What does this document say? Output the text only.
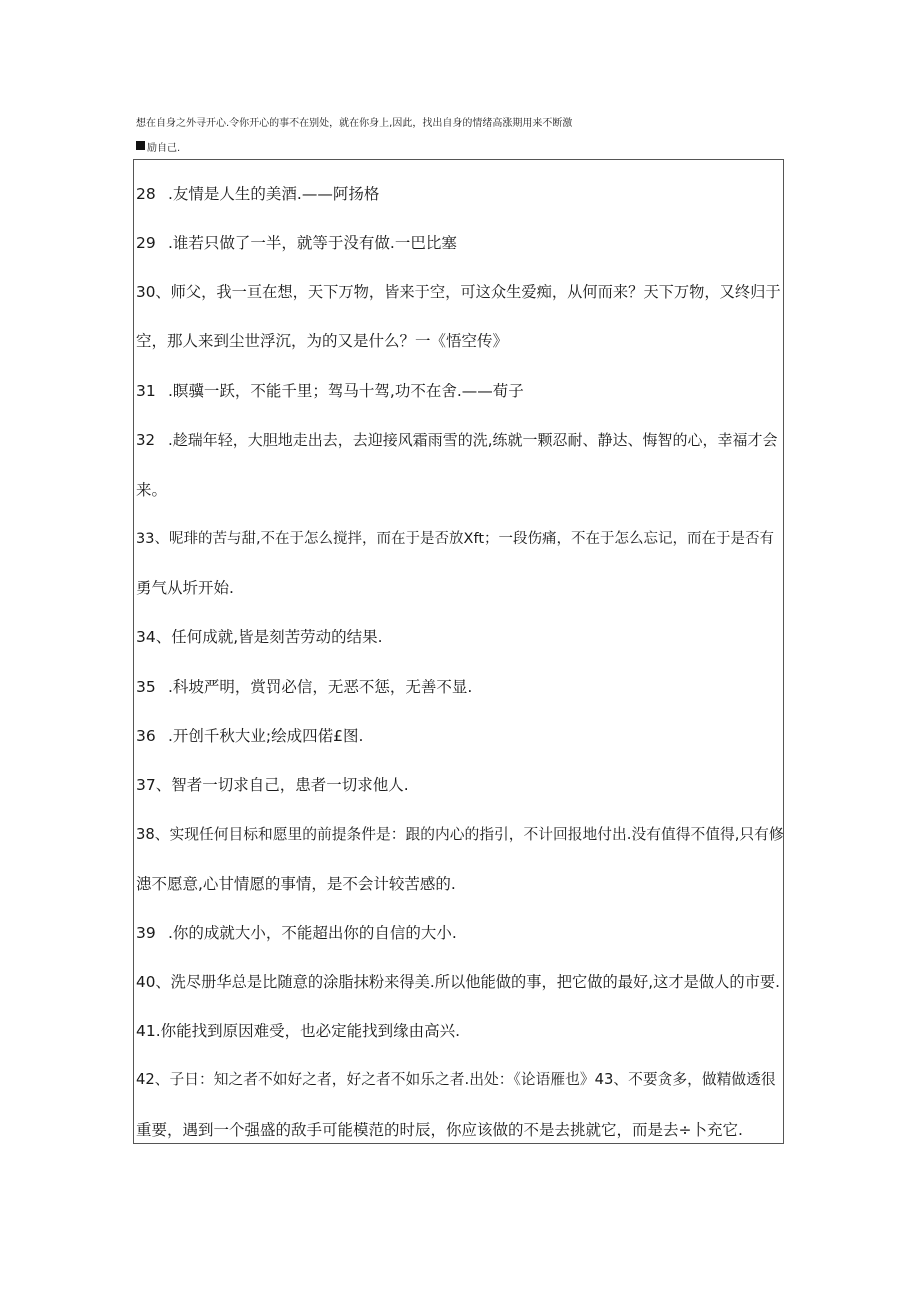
想在自身之外寻开心.令你开心的事不在别处，就在你身上,因此，找出自身的情绪高涨期用来不断激
励自己.

28 .友情是人生的美酒.——阿扬格

29 .谁若只做了一半，就等于没有做.一巴比塞

30、师父，我一亘在想，天下万物，皆来于空，可这众生爱痴，从何而来？天下万物，又终归于

空，那人来到尘世浮沉，为的又是什么？一《悟空传》

31 .瞑骥一跃，不能千里；驾马十驾,功不在舍.——荀子

32 .趁瑞年轻，大胆地走出去，去迎接风霜雨雪的洗,练就一颗忍耐、静达、悔智的心，幸福才会

来。

33、呢琲的苦与甜,不在于怎么搅拌，而在于是否放Xft；一段伤痛，不在于怎么忘记，而在于是否有

勇气从圻开始.

34、任何成就,皆是刻苦劳动的结果.

35 .科坡严明，赏罚必信，无恶不惩，无善不显.

36 .开创千秋大业;绘成四偌£图.

37、智者一切求自己，患者一切求他人.

38、实现任何目标和愿里的前提条件是：跟的内心的指引，不计回报地付出.没有值得不值得,只有修

漶不愿意,心甘情愿的事情，是不会计较苦感的.

39 .你的成就大小，不能超出你的自信的大小.

40、洗尽册华总是比随意的涂脂抹粉来得美.所以他能做的事，把它做的最好,这才是做人的市要.

41.你能找到原因难受，也必定能找到缘由高兴.

42、子日：知之者不如好之者，好之者不如乐之者.出处：《论语雁也》43、不要贪多，做精做透很

重要，遇到一个强盛的敌手可能模范的时辰，你应该做的不是去挑就它，而是去÷卜充它.
